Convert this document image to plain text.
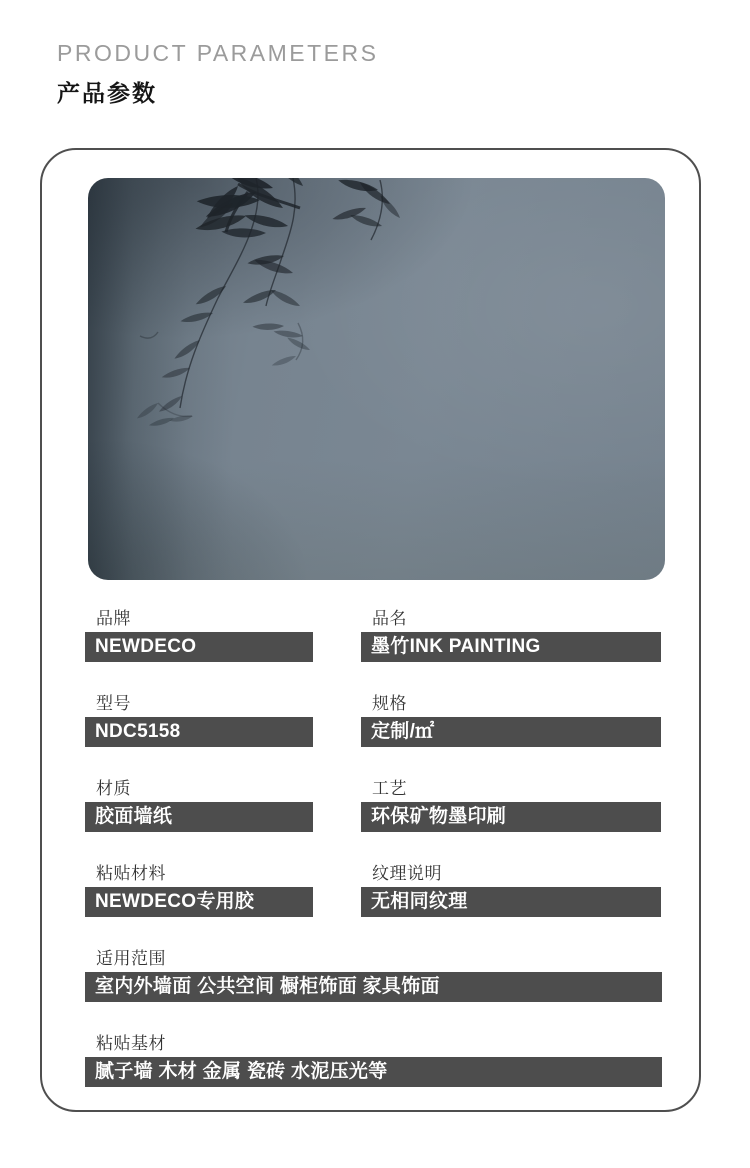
PRODUCT PARAMETERS
产品参数
品牌
NEWDECO
品名
墨竹INK PAINTING
型号
NDC5158
规格
定制/㎡
材质
胶面墙纸
工艺
环保矿物墨印刷
粘贴材料
NEWDECO专用胶
纹理说明
无相同纹理
适用范围
室内外墙面 公共空间 橱柜饰面 家具饰面
粘贴基材
腻子墙 木材 金属 瓷砖 水泥压光等
